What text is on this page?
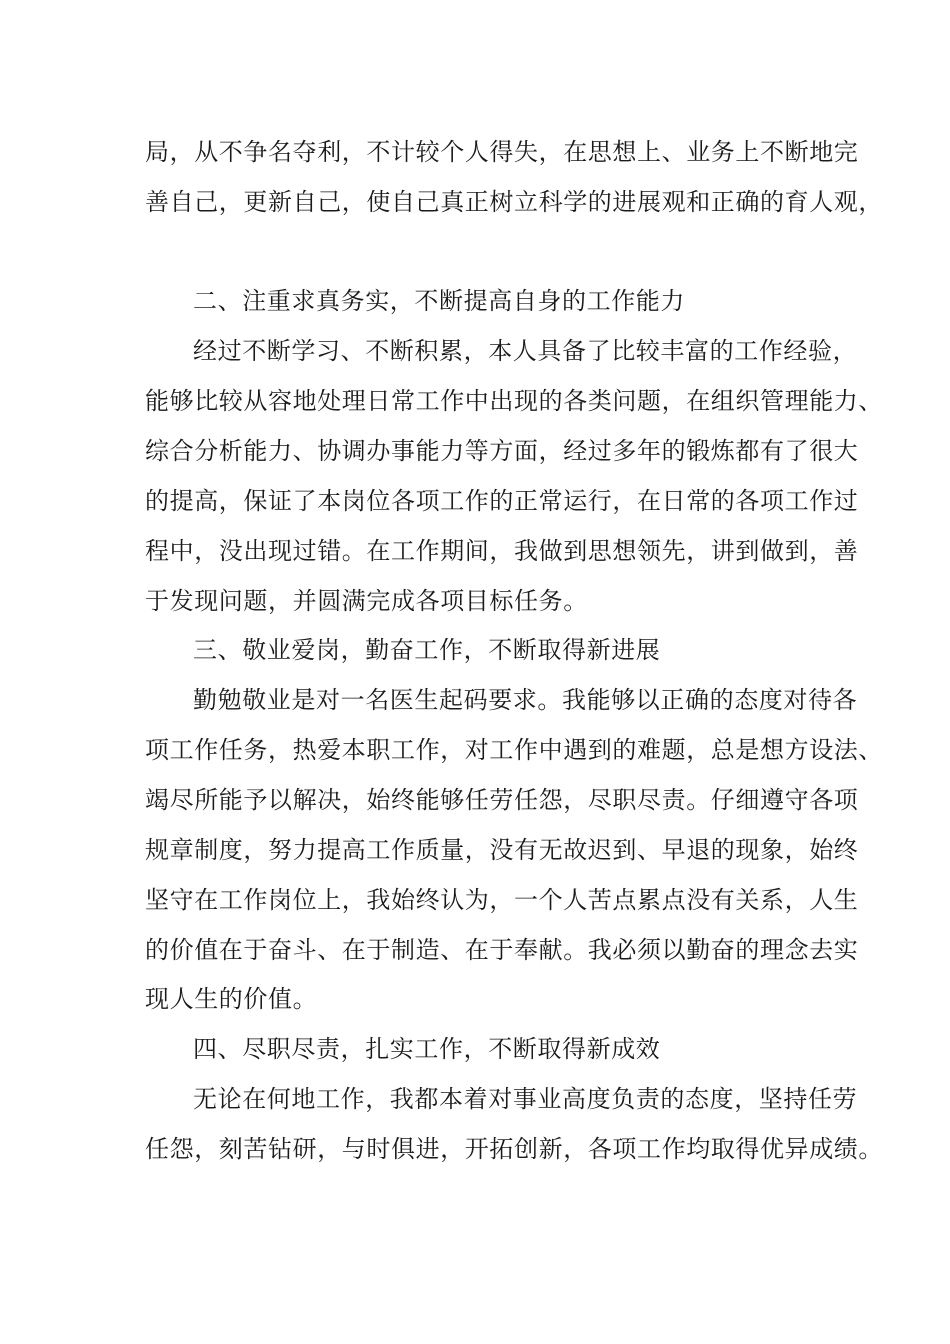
局，从不争名夺利，不计较个人得失，在思想上、业务上不断地完
善自己，更新自己，使自己真正树立科学的进展观和正确的育人观，
二、注重求真务实，不断提高自身的工作能力
经过不断学习、不断积累，本人具备了比较丰富的工作经验，
能够比较从容地处理日常工作中出现的各类问题，在组织管理能力、
综合分析能力、协调办事能力等方面，经过多年的锻炼都有了很大
的提高，保证了本岗位各项工作的正常运行，在日常的各项工作过
程中，没出现过错。在工作期间，我做到思想领先，讲到做到，善
于发现问题，并圆满完成各项目标任务。
三、敬业爱岗，勤奋工作，不断取得新进展
勤勉敬业是对一名医生起码要求。我能够以正确的态度对待各
项工作任务，热爱本职工作，对工作中遇到的难题，总是想方设法、
竭尽所能予以解决，始终能够任劳任怨，尽职尽责。仔细遵守各项
规章制度，努力提高工作质量，没有无故迟到、早退的现象，始终
坚守在工作岗位上，我始终认为，一个人苦点累点没有关系，人生
的价值在于奋斗、在于制造、在于奉献。我必须以勤奋的理念去实
现人生的价值。
四、尽职尽责，扎实工作，不断取得新成效
无论在何地工作，我都本着对事业高度负责的态度，坚持任劳
任怨，刻苦钻研，与时俱进，开拓创新，各项工作均取得优异成绩。
